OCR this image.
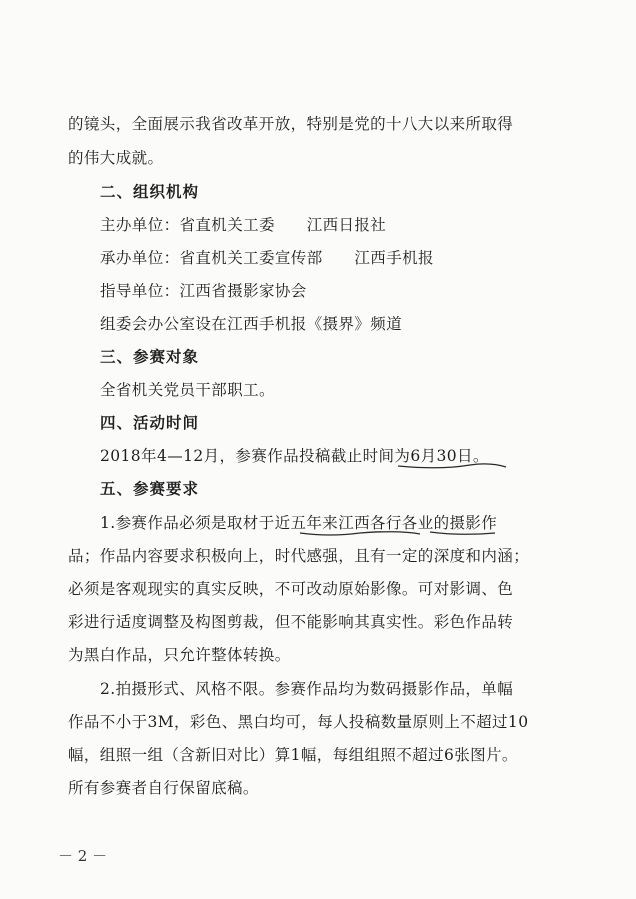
的镜头，全面展示我省改革开放，特别是党的十八大以来所取得
的伟大成就。
二、组织机构
主办单位：省直机关工委　　江西日报社
承办单位：省直机关工委宣传部　　江西手机报
指导单位：江西省摄影家协会
组委会办公室设在江西手机报《摄界》频道
三、参赛对象
全省机关党员干部职工。
四、活动时间
2018年4—12月，参赛作品投稿截止时间为6月30日。
五、参赛要求
1.参赛作品必须是取材于近五年来江西各行各业的摄影作
品；作品内容要求积极向上，时代感强，且有一定的深度和内涵；
必须是客观现实的真实反映，不可改动原始影像。可对影调、色
彩进行适度调整及构图剪裁，但不能影响其真实性。彩色作品转
为黑白作品，只允许整体转换。
2.拍摄形式、风格不限。参赛作品均为数码摄影作品，单幅
作品不小于3M，彩色、黑白均可，每人投稿数量原则上不超过10
幅，组照一组（含新旧对比）算1幅，每组组照不超过6张图片。
所有参赛者自行保留底稿。
－ 2 －
